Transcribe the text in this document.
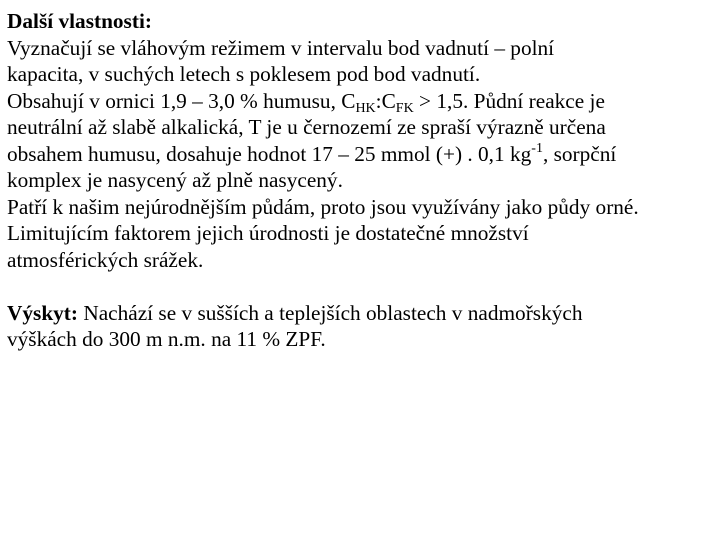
Další vlastnosti:
Vyznačují se vláhovým režimem v intervalu bod vadnutí – polní
kapacita, v suchých letech s poklesem pod bod vadnutí.
Obsahují v ornici 1,9 – 3,0 % humusu, $C_{HK}:C_{FK} > 1,5$. Půdní reakce je
neutrální až slabě alkalická, T je u černozemí ze spraší výrazně určena
obsahem humusu, dosahuje hodnot 17 – 25 mmol (+) . 0,1 $kg^{-1}$, sorpční
komplex je nasycený až plně nasycený.
Patří k našim nejúrodnějším půdám, proto jsou využívány jako půdy orné.
Limitujícím faktorem jejich úrodnosti je dostatečné množství
atmosférických srážek.
Výskyt: Nachází se v sušších a teplejších oblastech v nadmořských
výškách do 300 m n.m. na 11 % ZPF.
